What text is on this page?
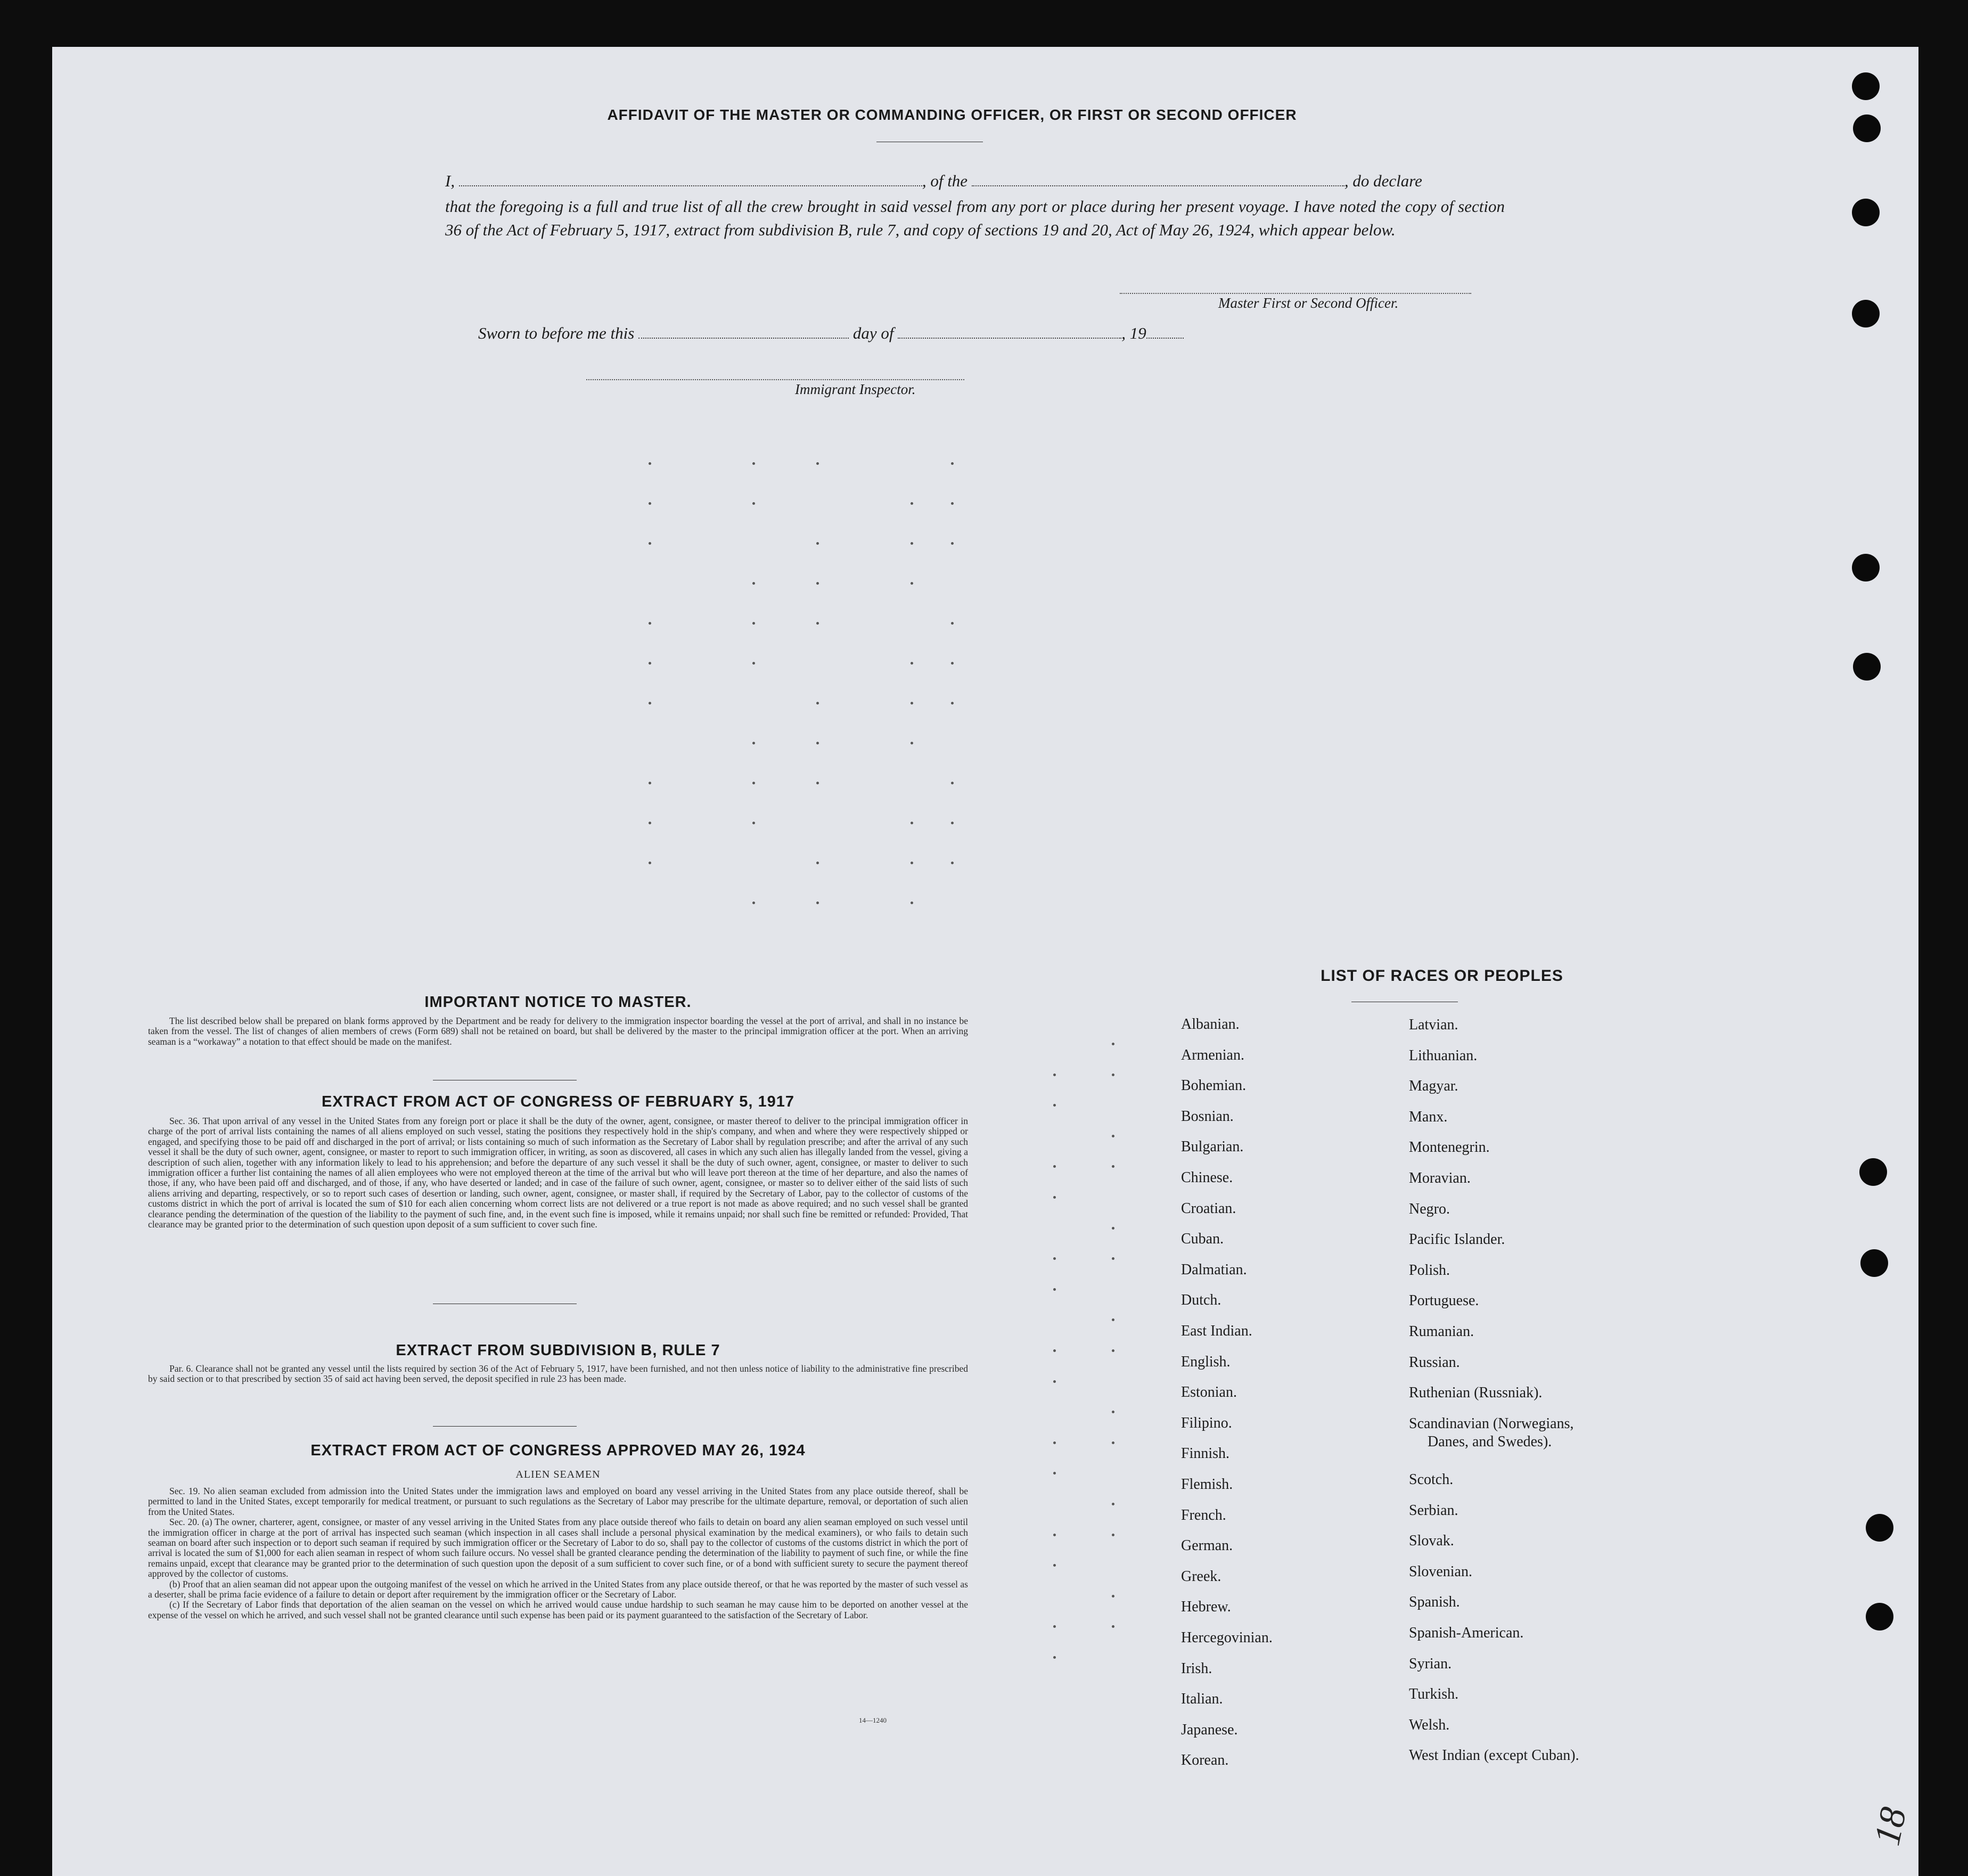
AFFIDAVIT OF THE MASTER OR COMMANDING OFFICER, OR FIRST OR SECOND OFFICER
I,	, of the	, do declare
that the foregoing is a full and true list of all the crew brought in said vessel from any port or place during her present voyage. I have noted the copy of section 36 of the Act of February 5, 1917, extract from subdivision B, rule 7, and copy of sections 19 and 20, Act of May 26, 1924, which appear below.
Master First or Second Officer.
Sworn to before me this	day of	, 19
Immigrant Inspector.
IMPORTANT NOTICE TO MASTER.

The list described below shall be prepared on blank forms approved by the Department and be ready for delivery to the immigration inspector boarding the vessel at the port of arrival, and shall in no instance be taken from the vessel. The list of changes of alien members of crews (Form 689) shall not be retained on board, but shall be delivered by the master to the principal immigration officer at the port. When an arriving seaman is a “workaway” a notation to that effect should be made on the manifest.

EXTRACT FROM ACT OF CONGRESS OF FEBRUARY 5, 1917

Sec. 36. That upon arrival of any vessel in the United States from any foreign port or place it shall be the duty of the owner, agent, consignee, or master thereof to deliver to the principal immigration officer in charge of the port of arrival lists containing the names of all aliens employed on such vessel, stating the positions they respectively hold in the ship's company, and when and where they were respectively shipped or engaged, and specifying those to be paid off and discharged in the port of arrival; or lists containing so much of such information as the Secretary of Labor shall by regulation prescribe; and after the arrival of any such vessel it shall be the duty of such owner, agent, consignee, or master to report to such immigration officer, in writing, as soon as discovered, all cases in which any such alien has illegally landed from the vessel, giving a description of such alien, together with any information likely to lead to his apprehension; and before the departure of any such vessel it shall be the duty of such owner, agent, consignee, or master to deliver to such immigration officer a further list containing the names of all alien employees who were not employed thereon at the time of the arrival but who will leave port thereon at the time of her departure, and also the names of those, if any, who have been paid off and discharged, and of those, if any, who have deserted or landed; and in case of the failure of such owner, agent, consignee, or master so to deliver either of the said lists of such aliens arriving and departing, respectively, or so to report such cases of desertion or landing, such owner, agent, consignee, or master shall, if required by the Secretary of Labor, pay to the collector of customs of the customs district in which the port of arrival is located the sum of $10 for each alien concerning whom correct lists are not delivered or a true report is not made as above required; and no such vessel shall be granted clearance pending the determination of the question of the liability to the payment of such fine, and, in the event such fine is imposed, while it remains unpaid; nor shall such fine be remitted or refunded: Provided, That clearance may be granted prior to the determination of such question upon deposit of a sum sufficient to cover such fine.

EXTRACT FROM SUBDIVISION B, RULE 7

Par. 6. Clearance shall not be granted any vessel until the lists required by section 36 of the Act of February 5, 1917, have been furnished, and not then unless notice of liability to the administrative fine prescribed by said section or to that prescribed by section 35 of said act having been served, the deposit specified in rule 23 has been made.

EXTRACT FROM ACT OF CONGRESS APPROVED MAY 26, 1924
ALIEN SEAMEN

Sec. 19. No alien seaman excluded from admission into the United States under the immigration laws and employed on board any vessel arriving in the United States from any place outside thereof, shall be permitted to land in the United States, except temporarily for medical treatment, or pursuant to such regulations as the Secretary of Labor may prescribe for the ultimate departure, removal, or deportation of such alien from the United States.

Sec. 20. (a) The owner, charterer, agent, consignee, or master of any vessel arriving in the United States from any place outside thereof who fails to detain on board any alien seaman employed on such vessel until the immigration officer in charge at the port of arrival has inspected such seaman (which inspection in all cases shall include a personal physical examination by the medical examiners), or who fails to detain such seaman on board after such inspection or to deport such seaman if required by such immigration officer or the Secretary of Labor to do so, shall pay to the collector of customs of the customs district in which the port of arrival is located the sum of $1,000 for each alien seaman in respect of whom such failure occurs. No vessel shall be granted clearance pending the determination of the liability to payment of such fine, or while the fine remains unpaid, except that clearance may be granted prior to the determination of such question upon the deposit of a sum sufficient to cover such fine, or of a bond with sufficient surety to secure the payment thereof approved by the collector of customs.

(b) Proof that an alien seaman did not appear upon the outgoing manifest of the vessel on which he arrived in the United States from any place outside thereof, or that he was reported by the master of such vessel as a deserter, shall be prima facie evidence of a failure to detain or deport after requirement by the immigration officer or the Secretary of Labor.

(c) If the Secretary of Labor finds that deportation of the alien seaman on the vessel on which he arrived would cause undue hardship to such seaman he may cause him to be deported on another vessel at the expense of the vessel on which he arrived, and such vessel shall not be granted clearance until such expense has been paid or its payment guaranteed to the satisfaction of the Secretary of Labor.

14—1240
LIST OF RACES OR PEOPLES
Albanian.
Armenian.
Bohemian.
Bosnian.
Bulgarian.
Chinese.
Croatian.
Cuban.
Dalmatian.
Dutch.
East Indian.
English.
Estonian.
Filipino.
Finnish.
Flemish.
French.
German.
Greek.
Hebrew.
Hercegovinian.
Irish.
Italian.
Japanese.
Korean.
Latvian.
Lithuanian.
Magyar.
Manx.
Montenegrin.
Moravian.
Negro.
Pacific Islander.
Polish.
Portuguese.
Rumanian.
Russian.
Ruthenian (Russniak).
Scandinavian (Norwegians,
Danes, and Swedes).
Scotch.
Serbian.
Slovak.
Slovenian.
Spanish.
Spanish-American.
Syrian.
Turkish.
Welsh.
West Indian (except Cuban).
18
